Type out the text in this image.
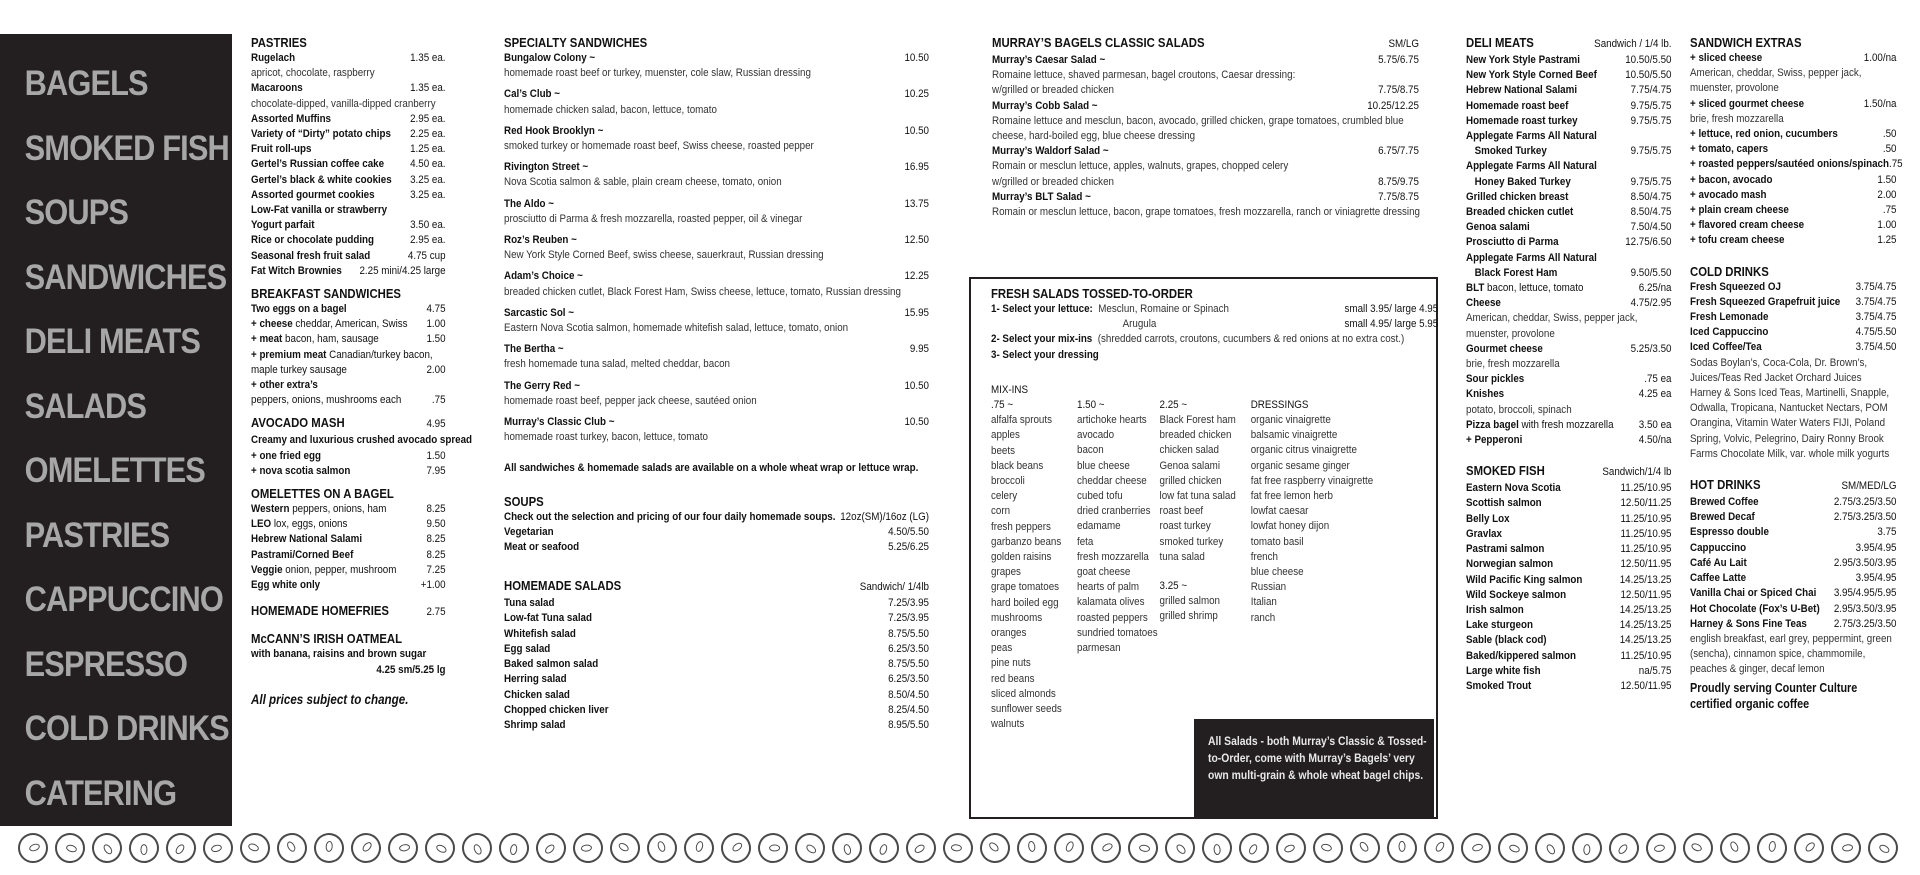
BAGELS
SMOKED FISH
SOUPS
SANDWICHES
DELI MEATS
SALADS
OMELETTES
PASTRIES
CAPPUCCINO
ESPRESSO
COLD DRINKS
CATERING
PASTRIES
Rugelach	1.35 ea.
apricot, chocolate, raspberry
Macaroons	1.35 ea.
chocolate-dipped, vanilla-dipped cranberry
Assorted Muffins	2.95 ea.
Variety of “Dirty” potato chips 2.25 ea.
Fruit roll-ups	1.25 ea.
Gertel’s Russian coffee cake 4.50 ea.
Gertel’s black & white cookies 3.25 ea.
Assorted gourmet cookies	3.25 ea.
Low-Fat vanilla or strawberry
Yogurt parfait	3.50 ea.
Rice or chocolate pudding	2.95 ea.
Seasonal fresh fruit salad	4.75 cup
Fat Witch Brownies 2.25 mini/4.25 large
BREAKFAST SANDWICHES
Two eggs on a bagel	4.75
+ cheese cheddar, American, Swiss 1.00
+ meat bacon, ham, sausage	1.50
+ premium meat Canadian/turkey bacon,
maple turkey sausage	2.00
+ other extra’s
peppers, onions, mushrooms each	.75
AVOCADO MASH	4.95
Creamy and luxurious crushed avocado spread
+ one fried egg	1.50
+ nova scotia salmon	7.95
OMELETTES ON A BAGEL
Western peppers, onions, ham	8.25
LEO lox, eggs, onions	9.50
Hebrew National Salami	8.25
Pastrami/Corned Beef	8.25
Veggie onion, pepper, mushroom	7.25
Egg white only	+1.00
HOMEMADE HOMEFRIES	2.75
McCANN’S IRISH OATMEAL
with banana, raisins and brown sugar
4.25 sm/5.25 lg
All prices subject to change.
SPECIALTY SANDWICHES
Bungalow Colony ~	10.50
homemade roast beef or turkey, muenster, cole slaw, Russian dressing
Cal’s Club ~	10.25
homemade chicken salad, bacon, lettuce, tomato
Red Hook Brooklyn ~	10.50
smoked turkey or homemade roast beef, Swiss cheese, roasted pepper
Rivington Street ~	16.95
Nova Scotia salmon & sable, plain cream cheese, tomato, onion
The Aldo ~	13.75
prosciutto di Parma & fresh mozzarella, roasted pepper, oil & vinegar
Roz’s Reuben ~	12.50
New York Style Corned Beef, swiss cheese, sauerkraut, Russian dressing
Adam’s Choice ~	12.25
breaded chicken cutlet, Black Forest Ham, Swiss cheese, lettuce, tomato, Russian dressing
Sarcastic Sol ~	15.95
Eastern Nova Scotia salmon, homemade whitefish salad, lettuce, tomato, onion
The Bertha ~	9.95
fresh homemade tuna salad, melted cheddar, bacon
The Gerry Red ~	10.50
homemade roast beef, pepper jack cheese, sautéed onion
Murray’s Classic Club ~	10.50
homemade roast turkey, bacon, lettuce, tomato
All sandwiches & homemade salads are available on a whole wheat wrap or lettuce wrap.
SOUPS
Check out the selection and pricing of our four daily homemade soups. 12oz(SM)/16oz (LG)
Vegetarian	4.50/5.50
Meat or seafood	5.25/6.25
HOMEMADE SALADS	Sandwich/ 1/4lb
Tuna salad	7.25/3.95
Low-fat Tuna salad	7.25/3.95
Whitefish salad	8.75/5.50
Egg salad	6.25/3.50
Baked salmon salad	8.75/5.50
Herring salad	6.25/3.50
Chicken salad	8.50/4.50
Chopped chicken liver	8.25/4.50
Shrimp salad	8.95/5.50
MURRAY’S BAGELS CLASSIC SALADS	SM/LG
Murray’s Caesar Salad ~	5.75/6.75
Romaine lettuce, shaved parmesan, bagel croutons, Caesar dressing:
w/grilled or breaded chicken	7.75/8.75
Murray’s Cobb Salad ~	10.25/12.25
Romaine lettuce and mesclun, bacon, avocado, grilled chicken, grape tomatoes, crumbled blue
cheese, hard-boiled egg, blue cheese dressing
Murray’s Waldorf Salad ~	6.75/7.75
Romain or mesclun lettuce, apples, walnuts, grapes, chopped celery
w/grilled or breaded chicken	8.75/9.75
Murray’s BLT Salad ~	7.75/8.75
Romain or mesclun lettuce, bacon, grape tomatoes, fresh mozzarella, ranch or viniagrette dressing
FRESH SALADS TOSSED-TO-ORDER
1- Select your lettuce: Mesclun, Romaine or Spinach	small 3.95/ large 4.95
Arugula	small 4.95/ large 5.95
2- Select your mix-ins
(shredded carrots, croutons, cucumbers & red onions at no extra cost.)
3- Select your dressing
MIX-INS
.75 ~
alfalfa sprouts
apples
beets
black beans
broccoli
celery
corn
fresh peppers
garbanzo beans
golden raisins
grapes
grape tomatoes
hard boiled egg
mushrooms
oranges
peas
pine nuts
red beans
sliced almonds
sunflower seeds
walnuts
1.50 ~
artichoke hearts
avocado
bacon
blue cheese
cheddar cheese
cubed tofu
dried cranberries
edamame
feta
fresh mozzarella
goat cheese
hearts of palm
kalamata olives
roasted peppers
sundried tomatoes
parmesan
2.25 ~
Black Forest ham
breaded chicken
chicken salad
Genoa salami
grilled chicken
low fat tuna salad
roast beef
roast turkey
smoked turkey
tuna salad
3.25 ~
grilled salmon
grilled shrimp
DRESSINGS
organic vinaigrette
balsamic vinaigrette
organic citrus vinaigrette
organic sesame ginger
fat free raspberry vinaigrette
fat free lemon herb
lowfat caesar
lowfat honey dijon
tomato basil
french
blue cheese
Russian
Italian
ranch
All Salads - both Murray’s Classic & Tossed-to-Order, come with Murray’s Bagels’ very own multi-grain & whole wheat bagel chips.
DELI MEATS	Sandwich / 1/4 lb.
New York Style Pastrami	10.50/5.50
New York Style Corned Beef 10.50/5.50
Hebrew National Salami	7.75/4.75
Homemade roast beef	9.75/5.75
Homemade roast turkey	9.75/5.75
Applegate Farms All Natural
Smoked Turkey	9.75/5.75
Applegate Farms All Natural
Honey Baked Turkey	9.75/5.75
Grilled chicken breast	8.50/4.75
Breaded chicken cutlet	8.50/4.75
Genoa salami	7.50/4.50
Prosciutto di Parma	12.75/6.50
Applegate Farms All Natural
Black Forest Ham	9.50/5.50
BLT bacon, lettuce, tomato	6.25/na
Cheese	4.75/2.95
American, cheddar, Swiss, pepper jack,
muenster, provolone
Gourmet cheese	5.25/3.50
brie, fresh mozzarella
Sour pickles	.75 ea
Knishes	4.25 ea
potato, broccoli, spinach
Pizza bagel with fresh mozzarella 3.50 ea
+ Pepperoni	4.50/na
SMOKED FISH	Sandwich/1/4 lb
Eastern Nova Scotia	11.25/10.95
Scottish salmon	12.50/11.25
Belly Lox	11.25/10.95
Gravlax	11.25/10.95
Pastrami salmon	11.25/10.95
Norwegian salmon	12.50/11.95
Wild Pacific King salmon	14.25/13.25
Wild Sockeye salmon	12.50/11.95
Irish salmon	14.25/13.25
Lake sturgeon	14.25/13.25
Sable (black cod)	14.25/13.25
Baked/kippered salmon	11.25/10.95
Large white fish	na/5.75
Smoked Trout	12.50/11.95
SANDWICH EXTRAS
+ sliced cheese	1.00/na
American, cheddar, Swiss, pepper jack,
muenster, provolone
+ sliced gourmet cheese	1.50/na
brie, fresh mozzarella
+ lettuce, red onion, cucumbers	.50
+ tomato, capers	.50
+ roasted peppers/sautéed onions/spinach .75
+ bacon, avocado	1.50
+ avocado mash	2.00
+ plain cream cheese	.75
+ flavored cream cheese	1.00
+ tofu cream cheese	1.25
COLD DRINKS
Fresh Squeezed OJ	3.75/4.75
Fresh Squeezed Grapefruit juice 3.75/4.75
Fresh Lemonade	3.75/4.75
Iced Cappuccino	4.75/5.50
Iced Coffee/Tea	3.75/4.50
Sodas Boylan’s, Coca-Cola, Dr. Brown’s,
Juices/Teas Red Jacket Orchard Juices
Harney & Sons Iced Teas, Martinelli, Snapple,
Odwalla, Tropicana, Nantucket Nectars, POM
Orangina, Vitamin Water Waters FIJI, Poland
Spring, Volvic, Pelegrino, Dairy Ronny Brook
Farms Chocolate Milk, var. whole milk yogurts
HOT DRINKS	SM/MED/LG
Brewed Coffee	2.75/3.25/3.50
Brewed Decaf	2.75/3.25/3.50
Espresso double	3.75
Cappuccino	3.95/4.95
Café Au Lait	2.95/3.50/3.95
Caffee Latte	3.95/4.95
Vanilla Chai or Spiced Chai 3.95/4.95/5.95
Hot Chocolate (Fox’s U-Bet) 2.95/3.50/3.95
Harney & Sons Fine Teas 2.75/3.25/3.50
english breakfast, earl grey, peppermint, green
(sencha), cinnamon spice, chammomile,
peaches & ginger, decaf lemon
Proudly serving Counter Culture
certified organic coffee
